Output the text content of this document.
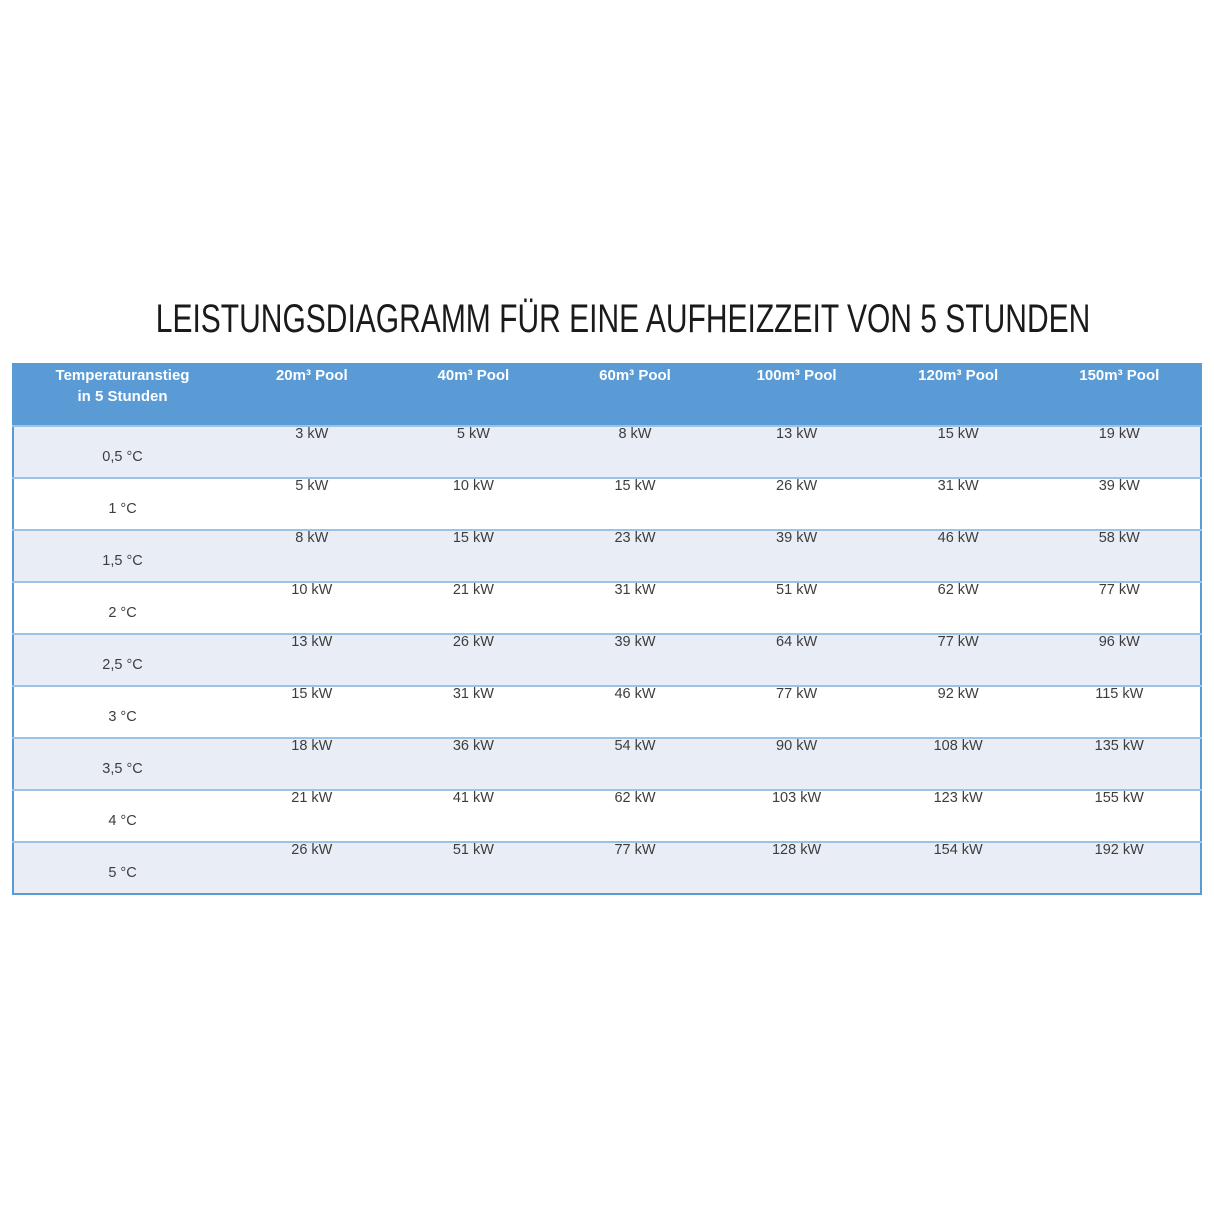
LEISTUNGSDIAGRAMM FÜR EINE AUFHEIZZEIT VON 5 STUNDEN
Temperaturanstieg
in 5 Stunden	20m³ Pool	40m³ Pool	60m³ Pool	100m³ Pool	120m³ Pool	150m³ Pool
0,5 °C	3 kW	5 kW	8 kW	13 kW	15 kW	19 kW
1 °C	5 kW	10 kW	15 kW	26 kW	31 kW	39 kW
1,5 °C	8 kW	15 kW	23 kW	39 kW	46 kW	58 kW
2 °C	10 kW	21 kW	31 kW	51 kW	62 kW	77 kW
2,5 °C	13 kW	26 kW	39 kW	64 kW	77 kW	96 kW
3 °C	15 kW	31 kW	46 kW	77 kW	92 kW	115 kW
3,5 °C	18 kW	36 kW	54 kW	90 kW	108 kW	135 kW
4 °C	21 kW	41 kW	62 kW	103 kW	123 kW	155 kW
5 °C	26 kW	51 kW	77 kW	128 kW	154 kW	192 kW
